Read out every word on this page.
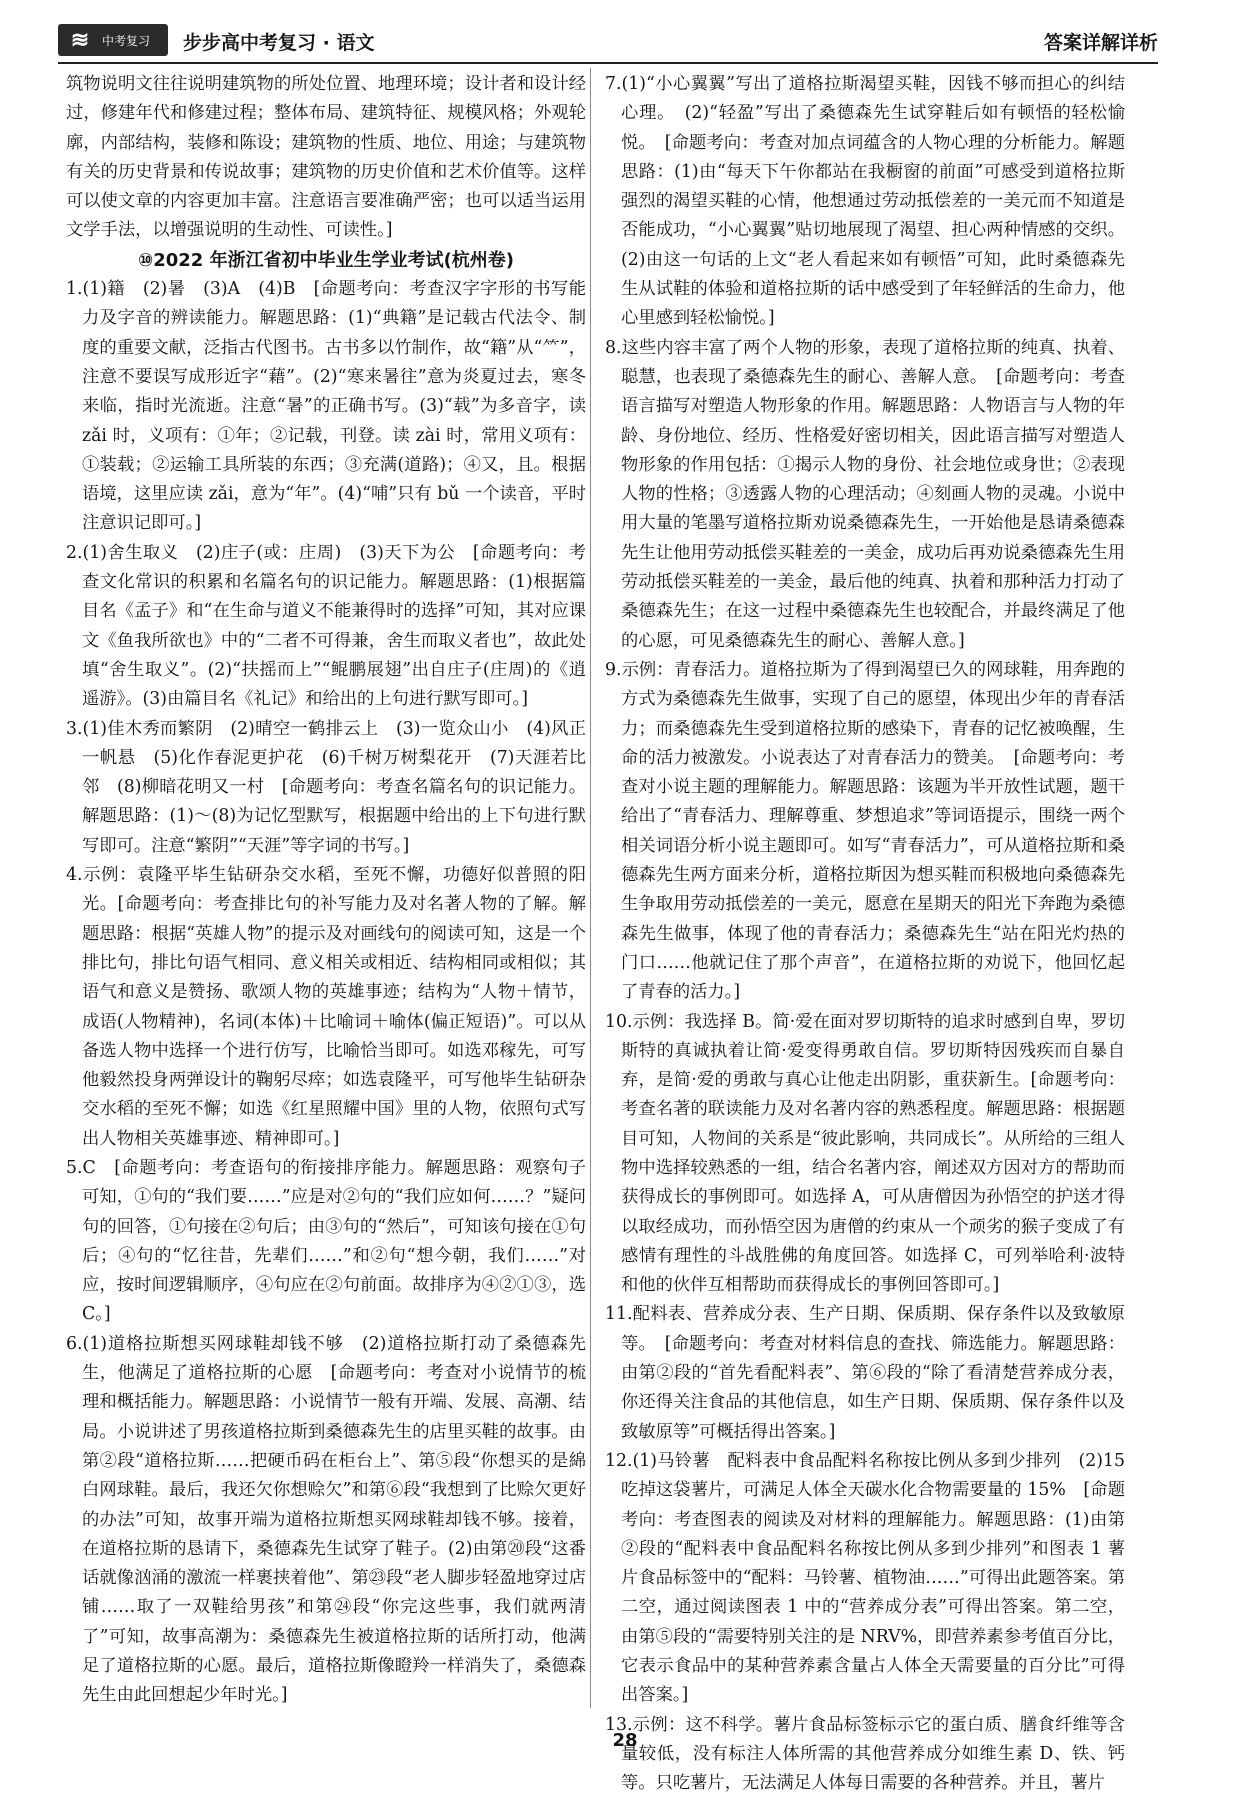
≋	中考复习 步步高中考复习 · 语文	答案详解详析

筑物说明文往往说明建筑物的所处位置、地理环境；设计者和设计经过，修建年代和修建过程；整体布局、建筑特征、规模风格；外观轮廓，内部结构，装修和陈设；建筑物的性质、地位、用途；与建筑物有关的历史背景和传说故事；建筑物的历史价值和艺术价值等。这样可以使文章的内容更加丰富。注意语言要准确严密；也可以适当运用文学手法，以增强说明的生动性、可读性。]

⑩2022 年浙江省初中毕业生学业考试(杭州卷)

1.(1)籍　(2)暑　(3)A　(4)B　[命题考向：考查汉字字形的书写能力及字音的辨读能力。解题思路：(1)“典籍”是记载古代法令、制度的重要文献，泛指古代图书。古书多以竹制作，故“籍”从“⺮”，注意不要误写成形近字“藉”。(2)“寒来暑往”意为炎夏过去，寒冬来临，指时光流逝。注意“暑”的正确书写。(3)“载”为多音字，读 zǎi 时，义项有：①年；②记载，刊登。读 zài 时，常用义项有：①装载；②运输工具所装的东西；③充满(道路)；④又，且。根据语境，这里应读 zǎi，意为“年”。(4)“哺”只有 bǔ 一个读音，平时注意识记即可。]

2.(1)舍生取义　(2)庄子(或：庄周)　(3)天下为公　[命题考向：考查文化常识的积累和名篇名句的识记能力。解题思路：(1)根据篇目名《孟子》和“在生命与道义不能兼得时的选择”可知，其对应课文《鱼我所欲也》中的“二者不可得兼，舍生而取义者也”，故此处填“舍生取义”。(2)“扶摇而上”“鲲鹏展翅”出自庄子(庄周)的《逍遥游》。(3)由篇目名《礼记》和给出的上句进行默写即可。]

3.(1)佳木秀而繁阴　(2)晴空一鹤排云上　(3)一览众山小　(4)风正一帆悬　(5)化作春泥更护花　(6)千树万树梨花开　(7)天涯若比邻　(8)柳暗花明又一村　[命题考向：考查名篇名句的识记能力。解题思路：(1)～(8)为记忆型默写，根据题中给出的上下句进行默写即可。注意“繁阴”“天涯”等字词的书写。]

4.示例：袁隆平毕生钻研杂交水稻，至死不懈，功德好似普照的阳光。[命题考向：考查排比句的补写能力及对名著人物的了解。解题思路：根据“英雄人物”的提示及对画线句的阅读可知，这是一个排比句，排比句语气相同、意义相关或相近、结构相同或相似；其语气和意义是赞扬、歌颂人物的英雄事迹；结构为“人物＋情节，成语(人物精神)，名词(本体)＋比喻词＋喻体(偏正短语)”。可以从备选人物中选择一个进行仿写，比喻恰当即可。如选邓稼先，可写他毅然投身两弹设计的鞠躬尽瘁；如选袁隆平，可写他毕生钻研杂交水稻的至死不懈；如选《红星照耀中国》里的人物，依照句式写出人物相关英雄事迹、精神即可。]

5.C　[命题考向：考查语句的衔接排序能力。解题思路：观察句子可知，①句的“我们要……”应是对②句的“我们应如何……？”疑问句的回答，①句接在②句后；由③句的“然后”，可知该句接在①句后；④句的“忆往昔，先辈们……”和②句“想今朝，我们……”对应，按时间逻辑顺序，④句应在②句前面。故排序为④②①③，选 C。]

6.(1)道格拉斯想买网球鞋却钱不够　(2)道格拉斯打动了桑德森先生，他满足了道格拉斯的心愿　[命题考向：考查对小说情节的梳理和概括能力。解题思路：小说情节一般有开端、发展、高潮、结局。小说讲述了男孩道格拉斯到桑德森先生的店里买鞋的故事。由第②段“道格拉斯……把硬币码在柜台上”、第⑤段“你想买的是綿白网球鞋。最后，我还欠你想赊欠”和第⑥段“我想到了比赊欠更好的办法”可知，故事开端为道格拉斯想买网球鞋却钱不够。接着，在道格拉斯的恳请下，桑德森先生试穿了鞋子。(2)由第⑳段“这番话就像汹涌的激流一样裹挟着他”、第㉓段“老人脚步轻盈地穿过店铺……取了一双鞋给男孩”和第㉔段“你完这些事，我们就两清了”可知，故事高潮为：桑德森先生被道格拉斯的话所打动，他满足了道格拉斯的心愿。最后，道格拉斯像瞪羚一样消失了，桑德森先生由此回想起少年时光。]

7.(1)“小心翼翼”写出了道格拉斯渴望买鞋，因钱不够而担心的纠结心理。　(2)“轻盈”写出了桑德森先生试穿鞋后如有顿悟的轻松愉悦。　[命题考向：考查对加点词蕴含的人物心理的分析能力。解题思路：(1)由“每天下午你都站在我橱窗的前面”可感受到道格拉斯强烈的渴望买鞋的心情，他想通过劳动抵偿差的一美元而不知道是否能成功，“小心翼翼”贴切地展现了渴望、担心两种情感的交织。(2)由这一句话的上文“老人看起来如有顿悟”可知，此时桑德森先生从试鞋的体验和道格拉斯的话中感受到了年轻鲜活的生命力，他心里感到轻松愉悦。]

8.这些内容丰富了两个人物的形象，表现了道格拉斯的纯真、执着、聪慧，也表现了桑德森先生的耐心、善解人意。　[命题考向：考查语言描写对塑造人物形象的作用。解题思路：人物语言与人物的年龄、身份地位、经历、性格爱好密切相关，因此语言描写对塑造人物形象的作用包括：①揭示人物的身份、社会地位或身世；②表现人物的性格；③透露人物的心理活动；④刻画人物的灵魂。小说中用大量的笔墨写道格拉斯劝说桑德森先生，一开始他是恳请桑德森先生让他用劳动抵偿买鞋差的一美金，成功后再劝说桑德森先生用劳动抵偿买鞋差的一美金，最后他的纯真、执着和那种活力打动了桑德森先生；在这一过程中桑德森先生也较配合，并最终满足了他的心愿，可见桑德森先生的耐心、善解人意。]

9.示例：青春活力。道格拉斯为了得到渴望已久的网球鞋，用奔跑的方式为桑德森先生做事，实现了自己的愿望，体现出少年的青春活力；而桑德森先生受到道格拉斯的感染下，青春的记忆被唤醒，生命的活力被激发。小说表达了对青春活力的赞美。　[命题考向：考查对小说主题的理解能力。解题思路：该题为半开放性试题，题干给出了“青春活力、理解尊重、梦想追求”等词语提示，围绕一两个相关词语分析小说主题即可。如写“青春活力”，可从道格拉斯和桑德森先生两方面来分析，道格拉斯因为想买鞋而积极地向桑德森先生争取用劳动抵偿差的一美元，愿意在星期天的阳光下奔跑为桑德森先生做事，体现了他的青春活力；桑德森先生“站在阳光灼热的门口……他就记住了那个声音”，在道格拉斯的劝说下，他回忆起了青春的活力。]

10.示例：我选择 B。简·爱在面对罗切斯特的追求时感到自卑，罗切斯特的真诚执着让简·爱变得勇敢自信。罗切斯特因残疾而自暴自弃，是简·爱的勇敢与真心让他走出阴影，重获新生。[命题考向：考查名著的联读能力及对名著内容的熟悉程度。解题思路：根据题目可知，人物间的关系是“彼此影响，共同成长”。从所给的三组人物中选择较熟悉的一组，结合名著内容，阐述双方因对方的帮助而获得成长的事例即可。如选择 A，可从唐僧因为孙悟空的护送才得以取经成功，而孙悟空因为唐僧的约束从一个顽劣的猴子变成了有感情有理性的斗战胜佛的角度回答。如选择 C，可列举哈利·波特和他的伙伴互相帮助而获得成长的事例回答即可。]

11.配料表、营养成分表、生产日期、保质期、保存条件以及致敏原等。　[命题考向：考查对材料信息的查找、筛选能力。解题思路：由第②段的“首先看配料表”、第⑥段的“除了看清楚营养成分表，你还得关注食品的其他信息，如生产日期、保质期、保存条件以及致敏原等”可概括得出答案。]

12.(1)马铃薯　配料表中食品配料名称按比例从多到少排列　(2)15　吃掉这袋薯片，可满足人体全天碳水化合物需要量的 15%　[命题考向：考查图表的阅读及对材料的理解能力。解题思路：(1)由第②段的“配料表中食品配料名称按比例从多到少排列”和图表 1 薯片食品标签中的“配料：马铃薯、植物油……”可得出此题答案。第二空，通过阅读图表 1 中的“营养成分表”可得出答案。第二空，由第⑤段的“需要特别关注的是 NRV%，即营养素参考值百分比，它表示食品中的某种营养素含量占人体全天需要量的百分比”可得出答案。]

13.示例：这不科学。薯片食品标签标示它的蛋白质、膳食纤维等含量较低，没有标注人体所需的其他营养成分如维生素 D、铁、钙等。只吃薯片，无法满足人体每日需要的各种营养。并且，薯片

28
